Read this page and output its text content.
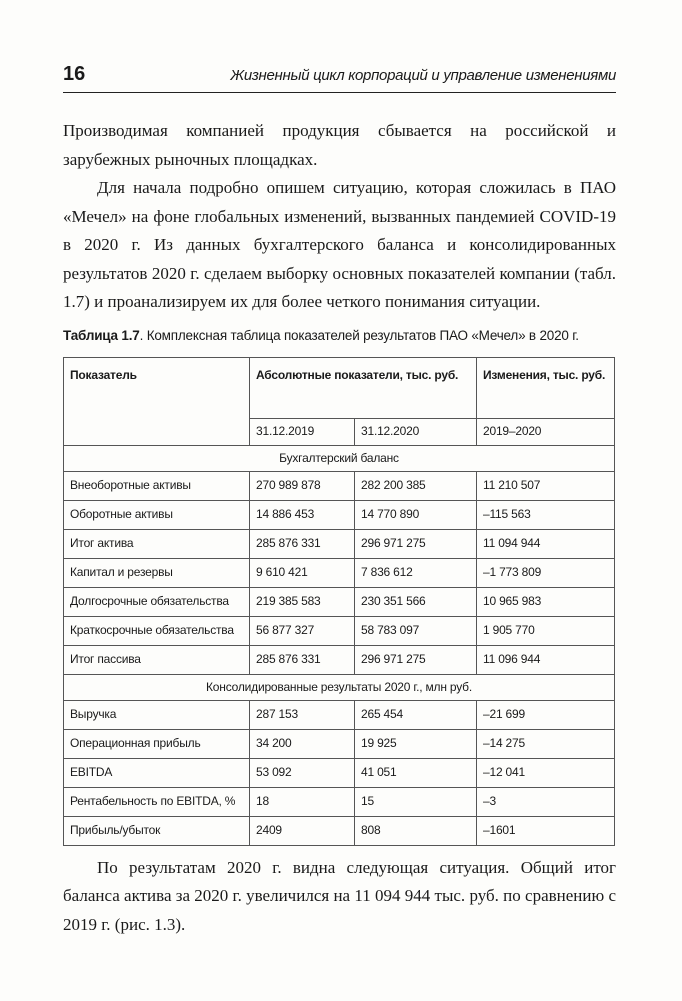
16	Жизненный цикл корпораций и управление изменениями

Производимая компанией продукция сбывается на российской и зарубежных рыночных площадках.

Для начала подробно опишем ситуацию, которая сложилась в ПАО «Мечел» на фоне глобальных изменений, вызванных пандемией COVID-19 в 2020 г. Из данных бухгалтерского баланса и консолидированных результатов 2020 г. сделаем выборку основных показателей компании (табл. 1.7) и проанализируем их для более четкого понимания ситуации.

Таблица 1.7. Комплексная таблица показателей результатов ПАО «Мечел» в 2020 г.
Показатель	Абсолютные показатели, тыс. руб.		Изменения, тыс. руб.
	31.12.2019	31.12.2020	2019–2020
Бухгалтерский баланс			
Внеоборотные активы	270 989 878	282 200 385	11 210 507
Оборотные активы	14 886 453	14 770 890	–115 563
Итог актива	285 876 331	296 971 275	11 094 944
Капитал и резервы	9 610 421	7 836 612	–1 773 809
Долгосрочные обязательства	219 385 583	230 351 566	10 965 983
Краткосрочные обязательства	56 877 327	58 783 097	1 905 770
Итог пассива	285 876 331	296 971 275	11 096 944
Консолидированные результаты 2020 г., млн руб.			
Выручка	287 153	265 454	–21 699
Операционная прибыль	34 200	19 925	–14 275
EBITDA	53 092	41 051	–12 041
Рентабельность по EBITDA, %	18	15	–3
Прибыль/убыток	2409	808	–1601

По результатам 2020 г. видна следующая ситуация. Общий итог баланса актива за 2020 г. увеличился на 11 094 944 тыс. руб. по сравнению с 2019 г. (рис. 1.3).
